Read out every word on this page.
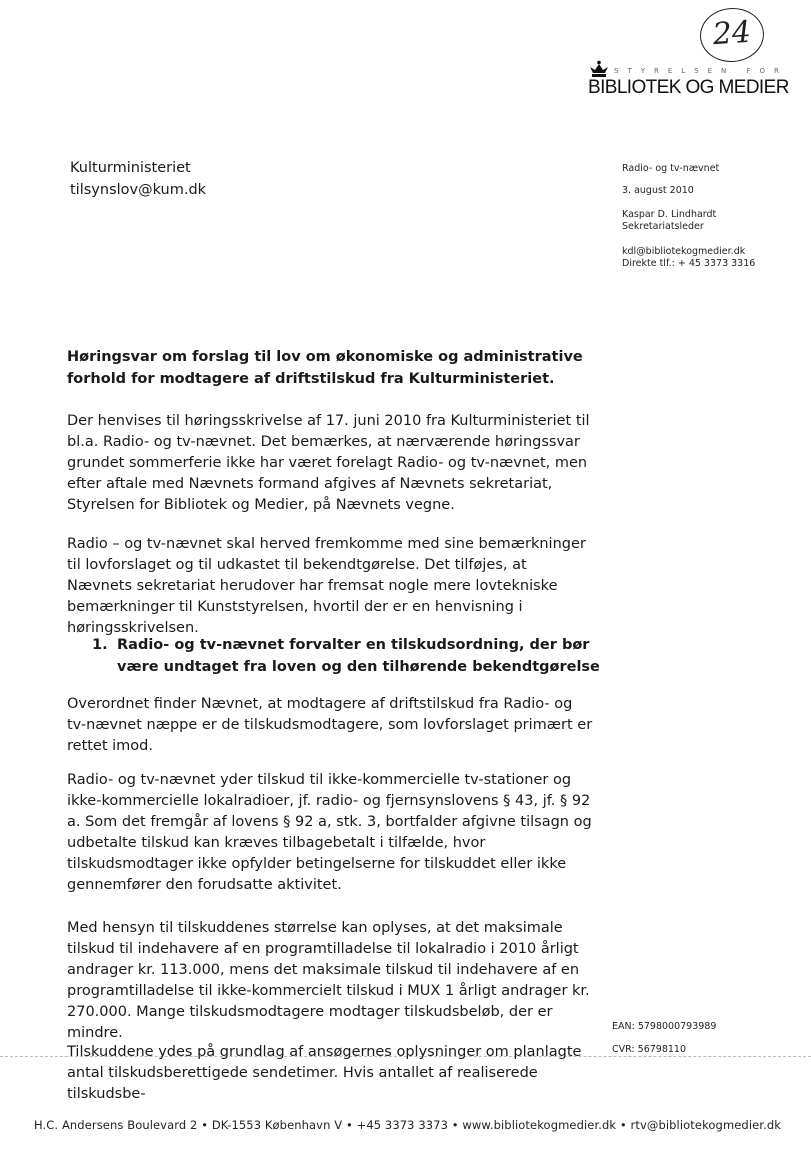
24
STYRELSEN FOR
BIBLIOTEK OG MEDIER
Kulturministeriet
tilsynslov@kum.dk
Radio- og tv-nævnet
3. august 2010
Kaspar D. Lindhardt
Sekretariatsleder
kdl@bibliotekogmedier.dk
Direkte tlf.: + 45 3373 3316
Høringsvar om forslag til lov om økonomiske og administrative forhold for modtagere af driftstilskud fra Kulturministeriet.
Der henvises til høringsskrivelse af 17. juni 2010 fra Kulturministeriet til bl.a. Radio- og tv-nævnet. Det bemærkes, at nærværende høringssvar grundet sommerferie ikke har været forelagt Radio- og tv-nævnet, men efter aftale med Nævnets formand afgives af Nævnets sekretariat, Styrelsen for Bibliotek og Medier, på Nævnets vegne.
Radio – og tv-nævnet skal herved fremkomme med sine bemærkninger til lovforslaget og til udkastet til bekendtgørelse. Det tilføjes, at Nævnets sekretariat herudover har fremsat nogle mere lovtekniske bemærkninger til Kunststyrelsen, hvortil der er en henvisning i høringsskrivelsen.
1. Radio- og tv-nævnet forvalter en tilskudsordning, der bør være undtaget fra loven og den tilhørende bekendtgørelse
Overordnet finder Nævnet, at modtagere af driftstilskud fra Radio- og tv-nævnet næppe er de tilskudsmodtagere, som lovforslaget primært er rettet imod.
Radio- og tv-nævnet yder tilskud til ikke-kommercielle tv-stationer og ikke-kommercielle lokalradioer, jf. radio- og fjernsynslovens § 43, jf. § 92 a. Som det fremgår af lovens § 92 a, stk. 3, bortfalder afgivne tilsagn og udbetalte tilskud kan kræves tilbagebetalt i tilfælde, hvor tilskudsmodtager ikke opfylder betingelserne for tilskuddet eller ikke gennemfører den forudsatte aktivitet.
Med hensyn til tilskuddenes størrelse kan oplyses, at det maksimale tilskud til indehavere af en programtilladelse til lokalradio i 2010 årligt andrager kr. 113.000, mens det maksimale tilskud til indehavere af en programtilladelse til ikke-kommercielt tilskud i MUX 1 årligt andrager kr. 270.000. Mange tilskudsmodtagere modtager tilskudsbeløb, der er mindre.	EAN: 5798000793989
CVR: 56798110
Tilskuddene ydes på grundlag af ansøgernes oplysninger om planlagte antal tilskudsberettigede sendetimer. Hvis antallet af realiserede tilskudsbe-
H.C. Andersens Boulevard 2 • DK-1553 København V • +45 3373 3373 • www.bibliotekogmedier.dk • rtv@bibliotekogmedier.dk
